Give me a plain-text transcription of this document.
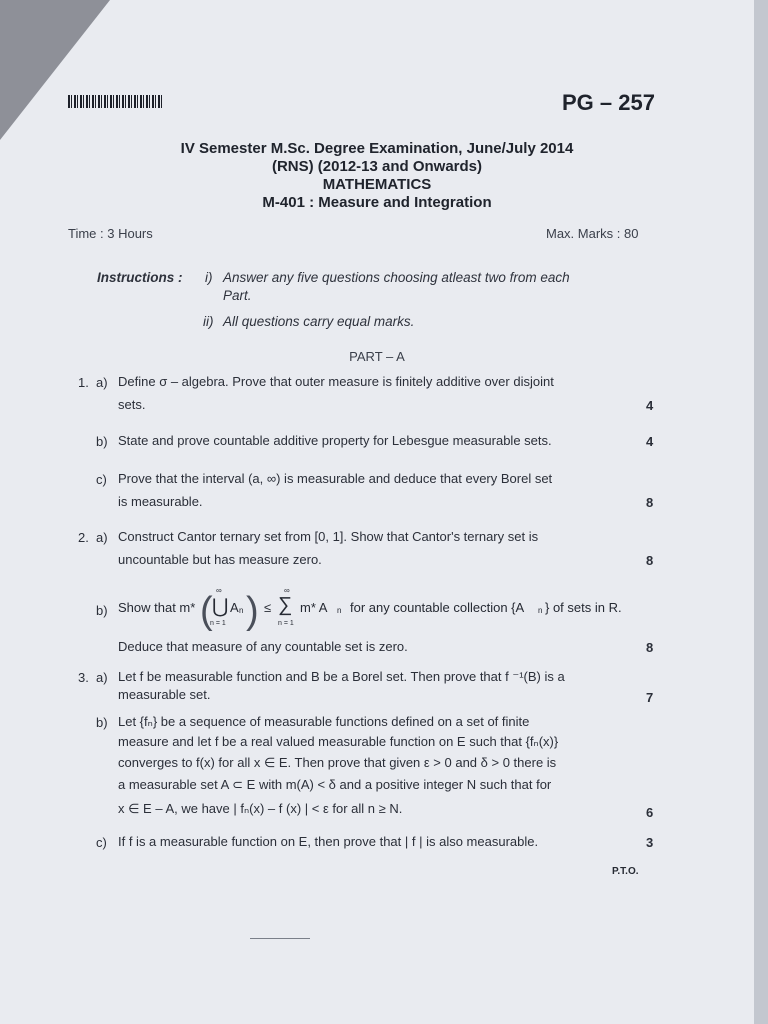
PG – 257
IV Semester M.Sc. Degree Examination, June/July 2014
(RNS) (2012-13 and Onwards)
MATHEMATICS
M-401 : Measure and Integration
Time : 3 Hours	Max. Marks : 80
Instructions : i) Answer any five questions choosing atleast two from each
Part.
ii) All questions carry equal marks.
PART – A
1. a) Define σ – algebra. Prove that outer measure is finitely additive over disjoint
sets.	4
b) State and prove countable additive property for Lebesgue measurable sets.	4
c) Prove that the interval (a, ∞) is measurable and deduce that every Borel set
is measurable.	8
2. a) Construct Cantor ternary set from [0, 1]. Show that Cantor's ternary set is
uncountable but has measure zero.	8
b) Show that m* ( ∞
⋃
n = 1
A n ) ≤
∞
∑
n = 1
m* A n for any countable collection {A n } of sets in R.
Deduce that measure of any countable set is zero.	8
3. a) Let f be measurable function and B be a Borel set. Then prove that f ⁻¹(B) is a
measurable set.	7
b) Let {fₙ} be a sequence of measurable functions defined on a set of finite
measure and let f be a real valued measurable function on E such that {fₙ(x)}
converges to f(x) for all x ∈ E. Then prove that given ε > 0 and δ > 0 there is
a measurable set A ⊂ E with m(A) < δ and a positive integer N such that for
x ∈ E – A, we have | fₙ(x) – f (x) | < ε for all n ≥ N.	6
c) If f is a measurable function on E, then prove that | f | is also measurable.	3
P.T.O.
